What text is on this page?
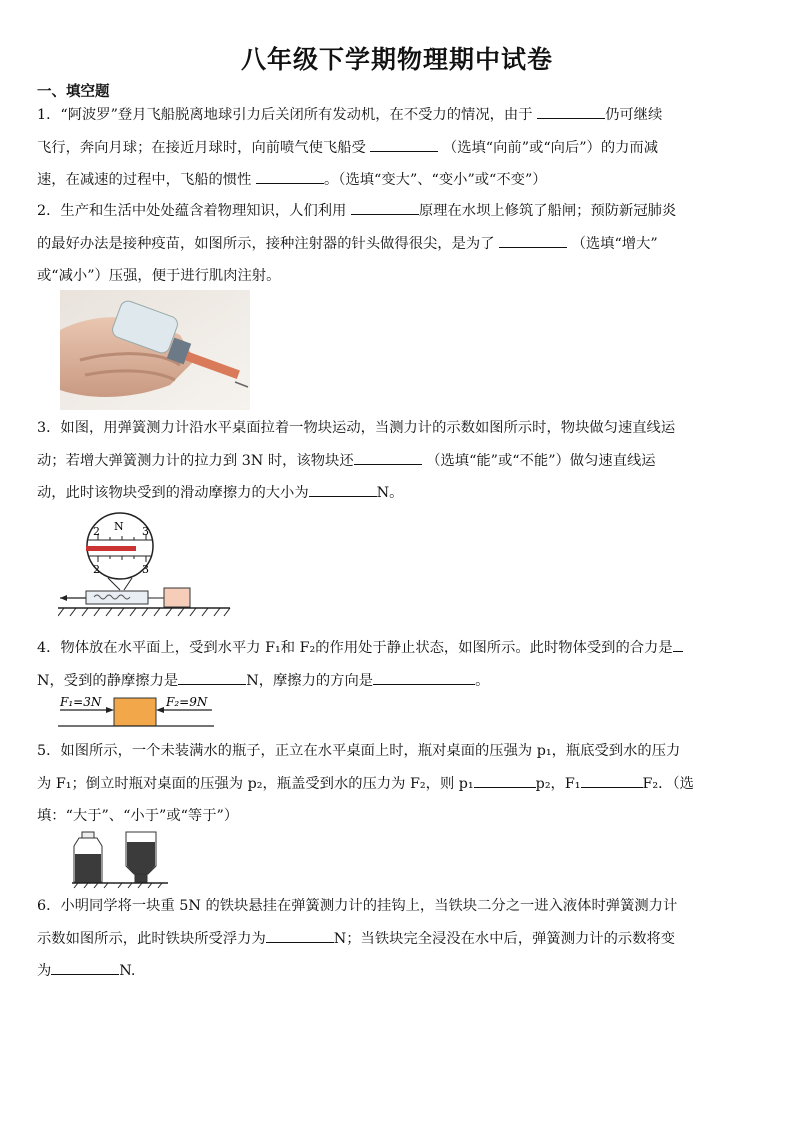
八年级下学期物理期中试卷
一、填空题

1．“阿波罗”登月飞船脱离地球引力后关闭所有发动机，在不受力的情况，由于	仍可继续

飞行，奔向月球；在接近月球时，向前喷气使飞船受	（选填“向前”或“向后”）的力而减

速，在减速的过程中，飞船的惯性	。（选填“变大”、“变小”或“不变”）

2．生产和生活中处处蕴含着物理知识，人们利用	原理在水坝上修筑了船闸；预防新冠肺炎

的最好办法是接种疫苗，如图所示，接种注射器的针头做得很尖，是为了	（选填“增大”

或“减小”）压强，便于进行肌肉注射。

3．如图，用弹簧测力计沿水平桌面拉着一物块运动，当测力计的示数如图所示时，物块做匀速直线运

动；若增大弹簧测力计的拉力到 3N 时，该物块还	（选填“能”或“不能”）做匀速直线运

动，此时该物块受到的滑动摩擦力的大小为	N。

N
2	3
2	3

4．物体放在水平面上，受到水平力 F₁和 F₂的作用处于静止状态，如图所示。此时物体受到的合力是

N，受到的静摩擦力是	N，摩擦力的方向是	。

F₁=3N	F₂=9N

5．如图所示，一个未装满水的瓶子，正立在水平桌面上时，瓶对桌面的压强为 p₁，瓶底受到水的压力

为 F₁；倒立时瓶对桌面的压强为 p₂，瓶盖受到水的压力为 F₂，则 p₁	p₂，F₁	F₂．（选

填：“大于”、“小于”或“等于”）

6．小明同学将一块重 5N 的铁块悬挂在弹簧测力计的挂钩上，当铁块二分之一进入液体时弹簧测力计

示数如图所示，此时铁块所受浮力为	N；当铁块完全浸没在水中后，弹簧测力计的示数将变

为	N.
